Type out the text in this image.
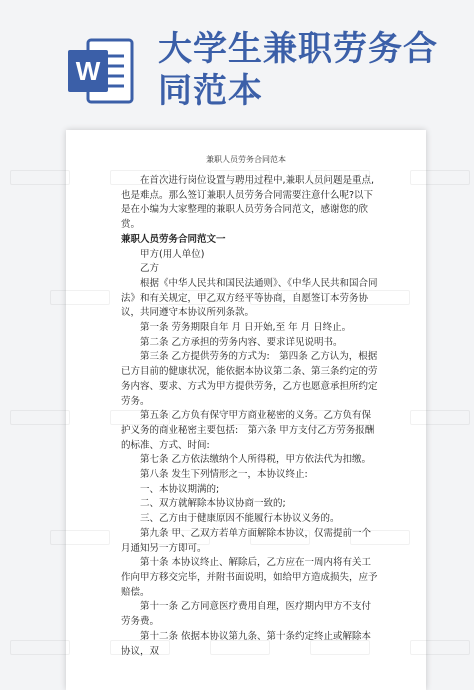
W
大学生兼职劳务合
同范本
兼职人员劳务合同范本

在首次进行岗位设置与聘用过程中,兼职人员问题是重点,也是难点。那么签订兼职人员劳务合同需要注意什么呢?以下是在小编为大家整理的兼职人员劳务合同范文，感谢您的欣赏。

兼职人员劳务合同范文一

甲方(用人单位)

乙方

根据《中华人民共和国民法通则》、《中华人民共和国合同法》和有关规定，甲乙双方经平等协商，自愿签订本劳务协议，共同遵守本协议所列条款。

第一条 劳务期限自年 月 日开始,至 年 月 日终止。

第二条 乙方承担的劳务内容、要求详见说明书。

第三条 乙方提供劳务的方式为:　第四条 乙方认为，根据已方目前的健康状况，能依据本协议第二条、第三条约定的劳务内容、要求、方式为甲方提供劳务，乙方也愿意承担所约定劳务。

第五条 乙方负有保守甲方商业秘密的义务。乙方负有保护义务的商业秘密主要包括:　第六条 甲方支付乙方劳务报酬的标准、方式、时间:

第七条 乙方依法缴纳个人所得税，甲方依法代为扣缴。

第八条 发生下列情形之一，本协议终止:

一、本协议期满的;

二、双方就解除本协议协商一致的;

三、乙方由于健康原因不能履行本协议义务的。

第九条 甲、乙双方若单方面解除本协议，仅需提前一个月通知另一方即可。

第十条 本协议终止、解除后，乙方应在一周内将有关工作向甲方移交完毕，并附书面说明，如给甲方造成损失，应予赔偿。

第十一条 乙方同意医疗费用自理，医疗期内甲方不支付劳务费。

第十二条 依据本协议第九条、第十条约定终止或解除本协议，双
